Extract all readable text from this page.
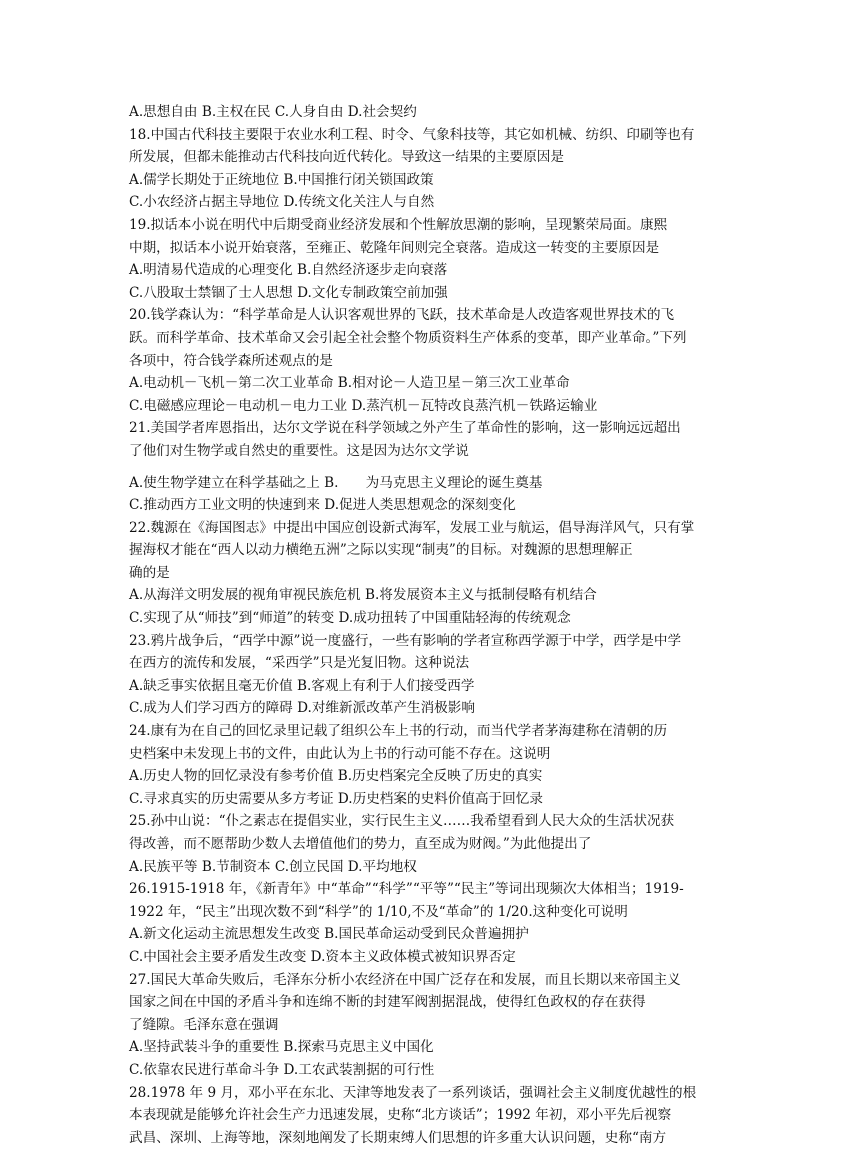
A.思想自由 B.主权在民 C.人身自由 D.社会契约
18.中国古代科技主要限于农业水利工程、时令、气象科技等，其它如机械、纺织、印刷等也有
所发展，但都未能推动古代科技向近代转化。导致这一结果的主要原因是
A.儒学长期处于正统地位 B.中国推行闭关锁国政策
C.小农经济占据主导地位 D.传统文化关注人与自然
19.拟话本小说在明代中后期受商业经济发展和个性解放思潮的影响，呈现繁荣局面。康熙
中期，拟话本小说开始衰落，至雍正、乾隆年间则完全衰落。造成这一转变的主要原因是
A.明清易代造成的心理变化 B.自然经济逐步走向衰落
C.八股取士禁锢了士人思想 D.文化专制政策空前加强
20.钱学森认为：“科学革命是人认识客观世界的飞跃，技术革命是人改造客观世界技术的飞
跃。而科学革命、技术革命又会引起全社会整个物质资料生产体系的变革，即产业革命。”下列
各项中，符合钱学森所述观点的是
A.电动机－飞机－第二次工业革命 B.相对论－人造卫星－第三次工业革命
C.电磁感应理论－电动机－电力工业 D.蒸汽机－瓦特改良蒸汽机－铁路运输业
21.美国学者库恩指出，达尔文学说在科学领域之外产生了革命性的影响，这一影响远远超出
了他们对生物学或自然史的重要性。这是因为达尔文学说
A.使生物学建立在科学基础之上 B.　　为马克思主义理论的诞生奠基
C.推动西方工业文明的快速到来 D.促进人类思想观念的深刻变化
22.魏源在《海国图志》中提出中国应创设新式海军，发展工业与航运，倡导海洋风气，只有掌
握海权才能在“西人以动力横绝五洲”之际以实现“制夷”的目标。对魏源的思想理解正
确的是
A.从海洋文明发展的视角审视民族危机 B.将发展资本主义与抵制侵略有机结合
C.实现了从“师技”到“师道”的转变 D.成功扭转了中国重陆轻海的传统观念
23.鸦片战争后，“西学中源”说一度盛行，一些有影响的学者宣称西学源于中学，西学是中学
在西方的流传和发展，“采西学”只是光复旧物。这种说法
A.缺乏事实依据且毫无价值 B.客观上有利于人们接受西学
C.成为人们学习西方的障碍 D.对维新派改革产生消极影响
24.康有为在自己的回忆录里记载了组织公车上书的行动，而当代学者茅海建称在清朝的历
史档案中未发现上书的文件，由此认为上书的行动可能不存在。这说明
A.历史人物的回忆录没有参考价值 B.历史档案完全反映了历史的真实
C.寻求真实的历史需要从多方考证 D.历史档案的史料价值高于回忆录
25.孙中山说：“仆之素志在提倡实业，实行民生主义……我希望看到人民大众的生活状况获
得改善，而不愿帮助少数人去增值他们的势力，直至成为财阀。”为此他提出了
A.民族平等 B.节制资本 C.创立民国 D.平均地权
26.1915-1918 年，《新青年》中“革命”“科学”“平等”“民主”等词出现频次大体相当；1919-
1922 年，“民主”出现次数不到“科学”的 1/10,不及“革命”的 1/20.这种变化可说明
A.新文化运动主流思想发生改变 B.国民革命运动受到民众普遍拥护
C.中国社会主要矛盾发生改变 D.资本主义政体模式被知识界否定
27.国民大革命失败后，毛泽东分析小农经济在中国广泛存在和发展，而且长期以来帝国主义
国家之间在中国的矛盾斗争和连绵不断的封建军阀割据混战，使得红色政权的存在获得
了缝隙。毛泽东意在强调
A.坚持武装斗争的重要性 B.探索马克思主义中国化
C.依靠农民进行革命斗争 D.工农武装割据的可行性
28.1978 年 9 月，邓小平在东北、天津等地发表了一系列谈话，强调社会主义制度优越性的根
本表现就是能够允许社会生产力迅速发展，史称“北方谈话”；1992 年初，邓小平先后视察
武昌、深圳、上海等地，深刻地阐发了长期束缚人们思想的许多重大认识问题，史称“南方
